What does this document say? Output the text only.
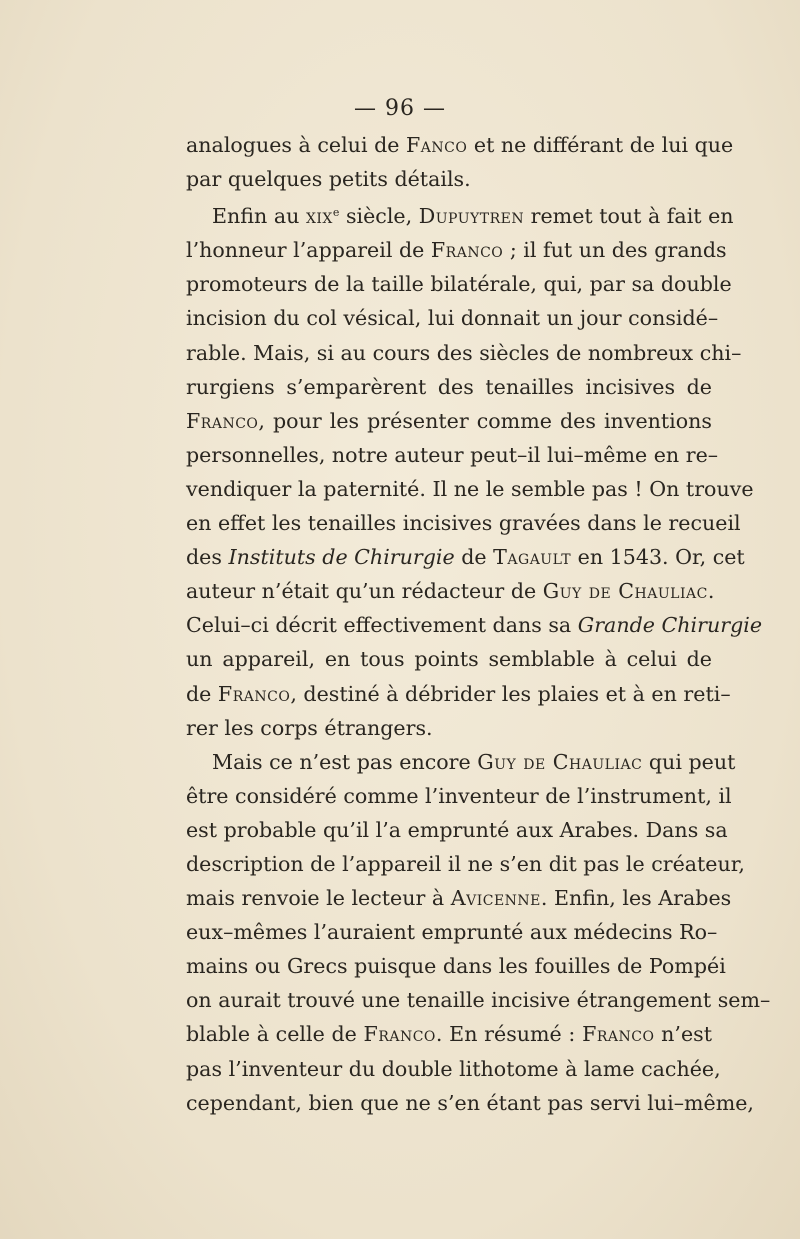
— 96 —
analogues à celui de Fanco et ne différant de lui que
par quelques petits détails.
Enfin au xix$^e$ siècle, Dupuytren remet tout à fait en
l’honneur l’appareil de Franco ; il fut un des grands
promoteurs de la taille bilatérale, qui, par sa double
incision du col vésical, lui donnait un jour considé–
rable. Mais, si au cours des siècles de nombreux chi–
rurgiens s’emparèrent des tenailles incisives de
Franco, pour les présenter comme des inventions
personnelles, notre auteur peut–il lui–même en re–
vendiquer la paternité. Il ne le semble pas ! On trouve
en effet les tenailles incisives gravées dans le recueil
des Instituts de Chirurgie de Tagault en 1543. Or, cet
auteur n’était qu’un rédacteur de Guy de Chauliac.
Celui–ci décrit effectivement dans sa Grande Chirurgie
un appareil, en tous points semblable à celui de
de Franco, destiné à débrider les plaies et à en reti–
rer les corps étrangers.
Mais ce n’est pas encore Guy de Chauliac qui peut
être considéré comme l’inventeur de l’instrument, il
est probable qu’il l’a emprunté aux Arabes. Dans sa
description de l’appareil il ne s’en dit pas le créateur,
mais renvoie le lecteur à Avicenne. Enfin, les Arabes
eux–mêmes l’auraient emprunté aux médecins Ro–
mains ou Grecs puisque dans les fouilles de Pompéi
on aurait trouvé une tenaille incisive étrangement sem–
blable à celle de Franco. En résumé : Franco n’est
pas l’inventeur du double lithotome à lame cachée,
cependant, bien que ne s’en étant pas servi lui–même,
